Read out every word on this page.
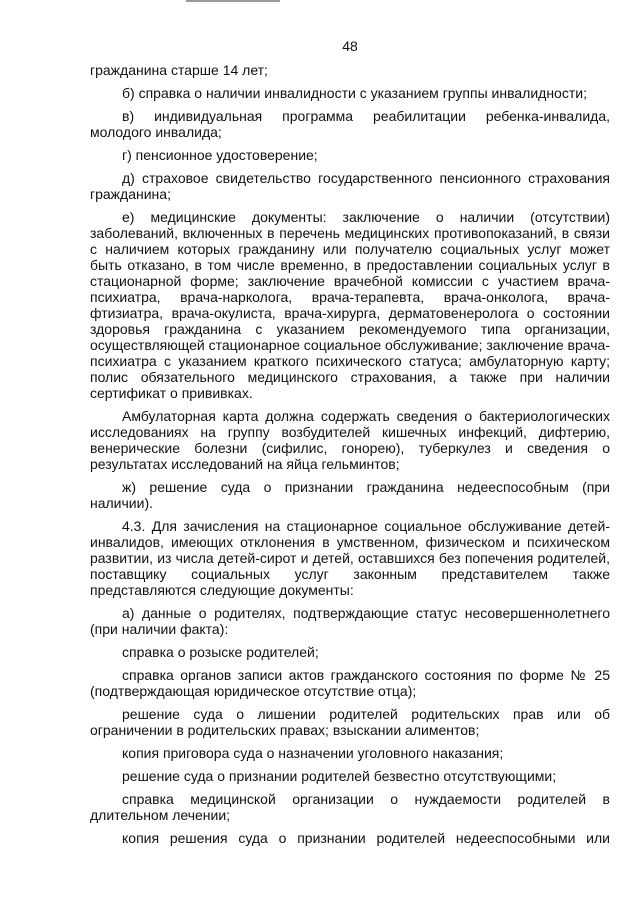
48

гражданина старше 14 лет;

б) справка о наличии инвалидности с указанием группы инвалидности;

в) индивидуальная программа реабилитации ребенка-инвалида, молодого инвалида;

г) пенсионное удостоверение;

д) страховое свидетельство государственного пенсионного страхования гражданина;

е) медицинские документы: заключение о наличии (отсутствии) заболеваний, включенных в перечень медицинских противопоказаний, в связи с наличием которых гражданину или получателю социальных услуг может быть отказано, в том числе временно, в предоставлении социальных услуг в стационарной форме; заключение врачебной комиссии с участием врача-психиатра, врача-нарколога, врача-терапевта, врача-онколога, врача-фтизиатра, врача-окулиста, врача-хирурга, дерматовенеролога о состоянии здоровья гражданина с указанием рекомендуемого типа организации, осуществляющей стационарное социальное обслуживание; заключение врача-психиатра с указанием краткого психического статуса; амбулаторную карту; полис обязательного медицинского страхования, а также при наличии сертификат о прививках.

Амбулаторная карта должна содержать сведения о бактериологических исследованиях на группу возбудителей кишечных инфекций, дифтерию, венерические болезни (сифилис, гонорею), туберкулез и сведения о результатах исследований на яйца гельминтов;

ж) решение суда о признании гражданина недееспособным (при наличии).

4.3. Для зачисления на стационарное социальное обслуживание детей-инвалидов, имеющих отклонения в умственном, физическом и психическом развитии, из числа детей-сирот и детей, оставшихся без попечения родителей, поставщику социальных услуг законным представителем также представляются следующие документы:

а) данные о родителях, подтверждающие статус несовершеннолетнего (при наличии факта):

справка о розыске родителей;

справка органов записи актов гражданского состояния по форме № 25 (подтверждающая юридическое отсутствие отца);

решение суда о лишении родителей родительских прав или об ограничении в родительских правах; взыскании алиментов;

копия приговора суда о назначении уголовного наказания;

решение суда о признании родителей безвестно отсутствующими;

справка медицинской организации о нуждаемости родителей в длительном лечении;

копия решения суда о признании родителей недееспособными или
